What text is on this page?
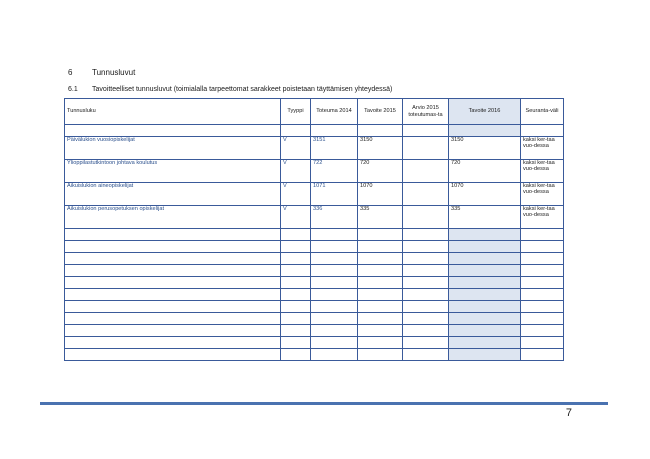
6 Tunnusluvut
6.1 Tavoitteelliset tunnusluvut (toimialalla tarpeettomat sarakkeet poistetaan täyttämisen yhteydessä)
Tunnusluku	Tyyppi	Toteuma 2014	Tavoite 2015	Arvio 2015 toteutumas-ta	Tavoite 2016	Seuranta-väli

Päivälukion vuosiopiskelijat	V	3151	3150		3150	kaksi ker-taa vuo-dessa
Ylioppilastutkintoon johtava koulutus	V	722	720		720	kaksi ker-taa vuo-dessa
Aikuislukion aineopiskelijat	V	1071	1070		1070	kaksi ker-taa vuo-dessa
Aikuislukion perusopetuksen opiskelijat	V	336	335		335	kaksi ker-taa vuo-dessa

7
